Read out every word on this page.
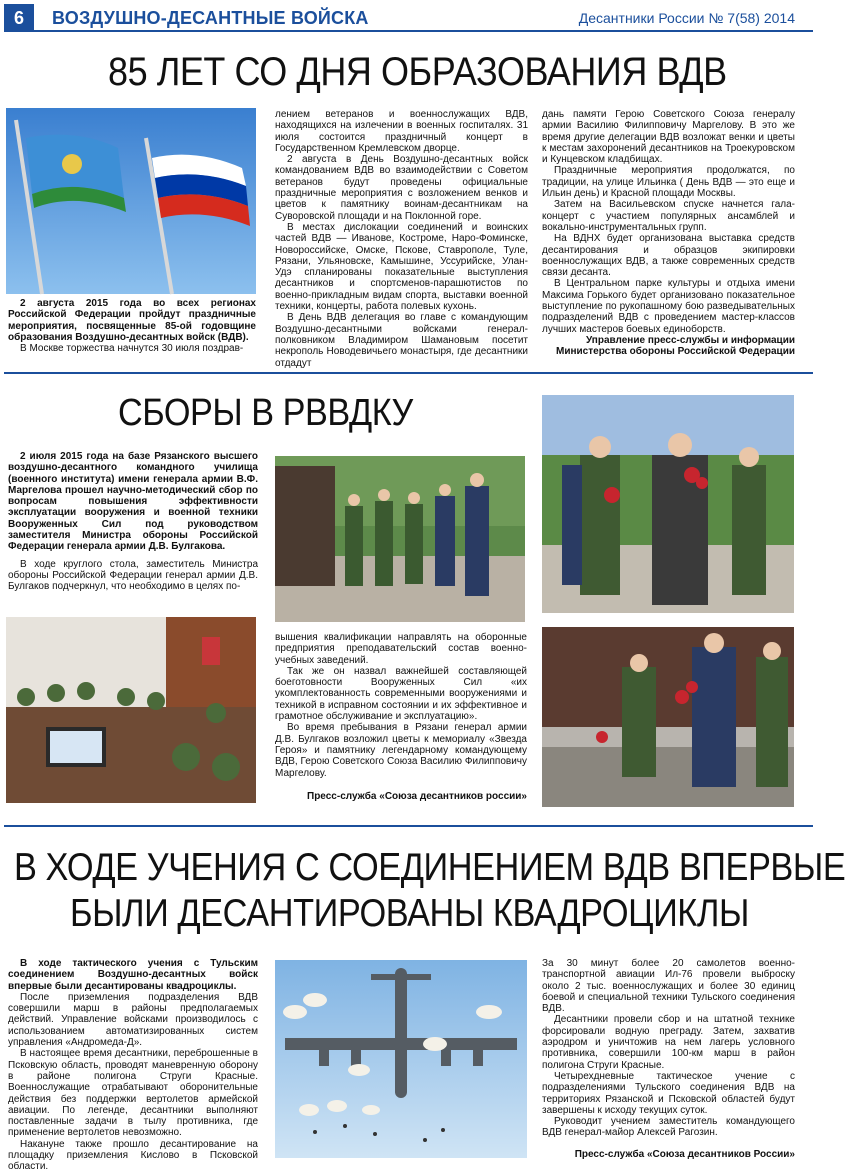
6	ВОЗДУШНО-ДЕСАНТНЫЕ ВОЙСКА	Десантники России № 7(58) 2014
85 ЛЕТ СО ДНЯ ОБРАЗОВАНИЯ ВДВ

2 августа 2015 года во всех регионах Российской Федерации пройдут праздничные мероприятия, посвященные 85-ой годовщине образования Воздушно-десантных войск (ВДВ).

В Москве торжества начнутся 30 июля поздрав-

лением ветеранов и военнослужащих ВДВ, находящихся на излечении в военных госпиталях. 31 июля состоится праздничный концерт в Государственном Кремлевском дворце.

2 августа в День Воздушно-десантных войск командованием ВДВ во взаимодействии с Советом ветеранов будут проведены официальные праздничные мероприятия с возложением венков и цветов к памятнику воинам-десантникам на Суворовской площади и на Поклонной горе.

В местах дислокации соединений и воинских частей ВДВ — Иванове, Костроме, Наро-Фоминске, Новороссийске, Омске, Пскове, Ставрополе, Туле, Рязани, Ульяновске, Камышине, Уссурийске, Улан-Удэ спланированы показательные выступления десантников и спортсменов-парашютистов по военно-прикладным видам спорта, выставки военной техники, концерты, работа полевых кухонь.

В День ВДВ делегация во главе с командующим Воздушно-десантными войсками генерал-полковником Владимиром Шамановым посетит некрополь Новодевичьего монастыря, где десантники отдадут

дань памяти Герою Советского Союза генералу армии Василию Филипповичу Маргелову. В это же время другие делегации ВДВ возложат венки и цветы к местам захоронений десантников на Троекуровском и Кунцевском кладбищах.

Праздничные мероприятия продолжатся, по традиции, на улице Ильинка ( День ВДВ — это еще и Ильин день) и Красной площади Москвы.

Затем на Васильевском спуске начнется гала-концерт с участием популярных ансамблей и вокально-инструментальных групп.

На ВДНХ будет организована выставка средств десантирования и образцов экипировки военнослужащих ВДВ, а также современных средств связи десанта.

В Центральном парке культуры и отдыха имени Максима Горького будет организовано показательное выступление по рукопашному бою разведывательных подразделений ВДВ с проведением мастер-классов лучших мастеров боевых единоборств.

Управление пресс-службы и информации Министерства обороны Российской Федерации

СБОРЫ В РВВДКУ

2 июля 2015 года на базе Рязанского высшего воздушно-десантного командного училища (военного института) имени генерала армии В.Ф. Маргелова прошел научно-методический сбор по вопросам повышения эффективности эксплуатации вооружения и военной техники Вооруженных Сил под руководством заместителя Министра обороны Российской Федерации генерала армии Д.В. Булгакова.

В ходе круглого стола, заместитель Министра обороны Российской Федерации генерал армии Д.В. Булгаков подчеркнул, что необходимо в целях по-

вышения квалификации направлять на оборонные предприятия преподавательский состав военно-учебных заведений.

Так же он назвал важнейшей составляющей боеготовности Вооруженных Сил «их укомплектованность современными вооружениями и техникой в исправном состоянии и их эффективное и грамотное обслуживание и эксплуатацию».

Во время пребывания в Рязани генерал армии Д.В. Булгаков возложил цветы к мемориалу «Звезда Героя» и памятнику легендарному командующему ВДВ, Герою Советского Союза Василию Филипповичу Маргелову.

Пресс-служба «Союза десантников россии»

В ХОДЕ УЧЕНИЯ С СОЕДИНЕНИЕМ ВДВ ВПЕРВЫЕ
БЫЛИ ДЕСАНТИРОВАНЫ КВАДРОЦИКЛЫ

В ходе тактического учения с Тульским соединением Воздушно-десантных войск впервые были десантированы квадроциклы.

После приземления подразделения ВДВ совершили марш в районы предполагаемых действий. Управление войсками производилось с использованием автоматизированных систем управления «Андромеда-Д».

В настоящее время десантники, переброшенные в Псковскую область, проводят маневренную оборону в районе полигона Струги Красные. Военнослужащие отрабатывают оборонительные действия без поддержки вертолетов армейской авиации. По легенде, десантники выполняют поставленные задачи в тылу противника, где применение вертолетов невозможно.

Накануне также прошло десантирование на площадку приземления Кислово в Псковской области.

За 30 минут более 20 самолетов военно-транспортной авиации Ил-76 провели выброску около 2 тыс. военнослужащих и более 30 единиц боевой и специальной техники Тульского соединения ВДВ.

Десантники провели сбор и на штатной технике форсировали водную преграду. Затем, захватив аэродром и уничтожив на нем лагерь условного противника, совершили 100-км марш в район полигона Струги Красные.

Четырехдневные тактическое учение с подразделениями Тульского соединения ВДВ на территориях Рязанской и Псковской областей будут завершены к исходу текущих суток.

Руководит учением заместитель командующего ВДВ генерал-майор Алексей Рагозин.

Пресс-служба «Союза десантников России»
